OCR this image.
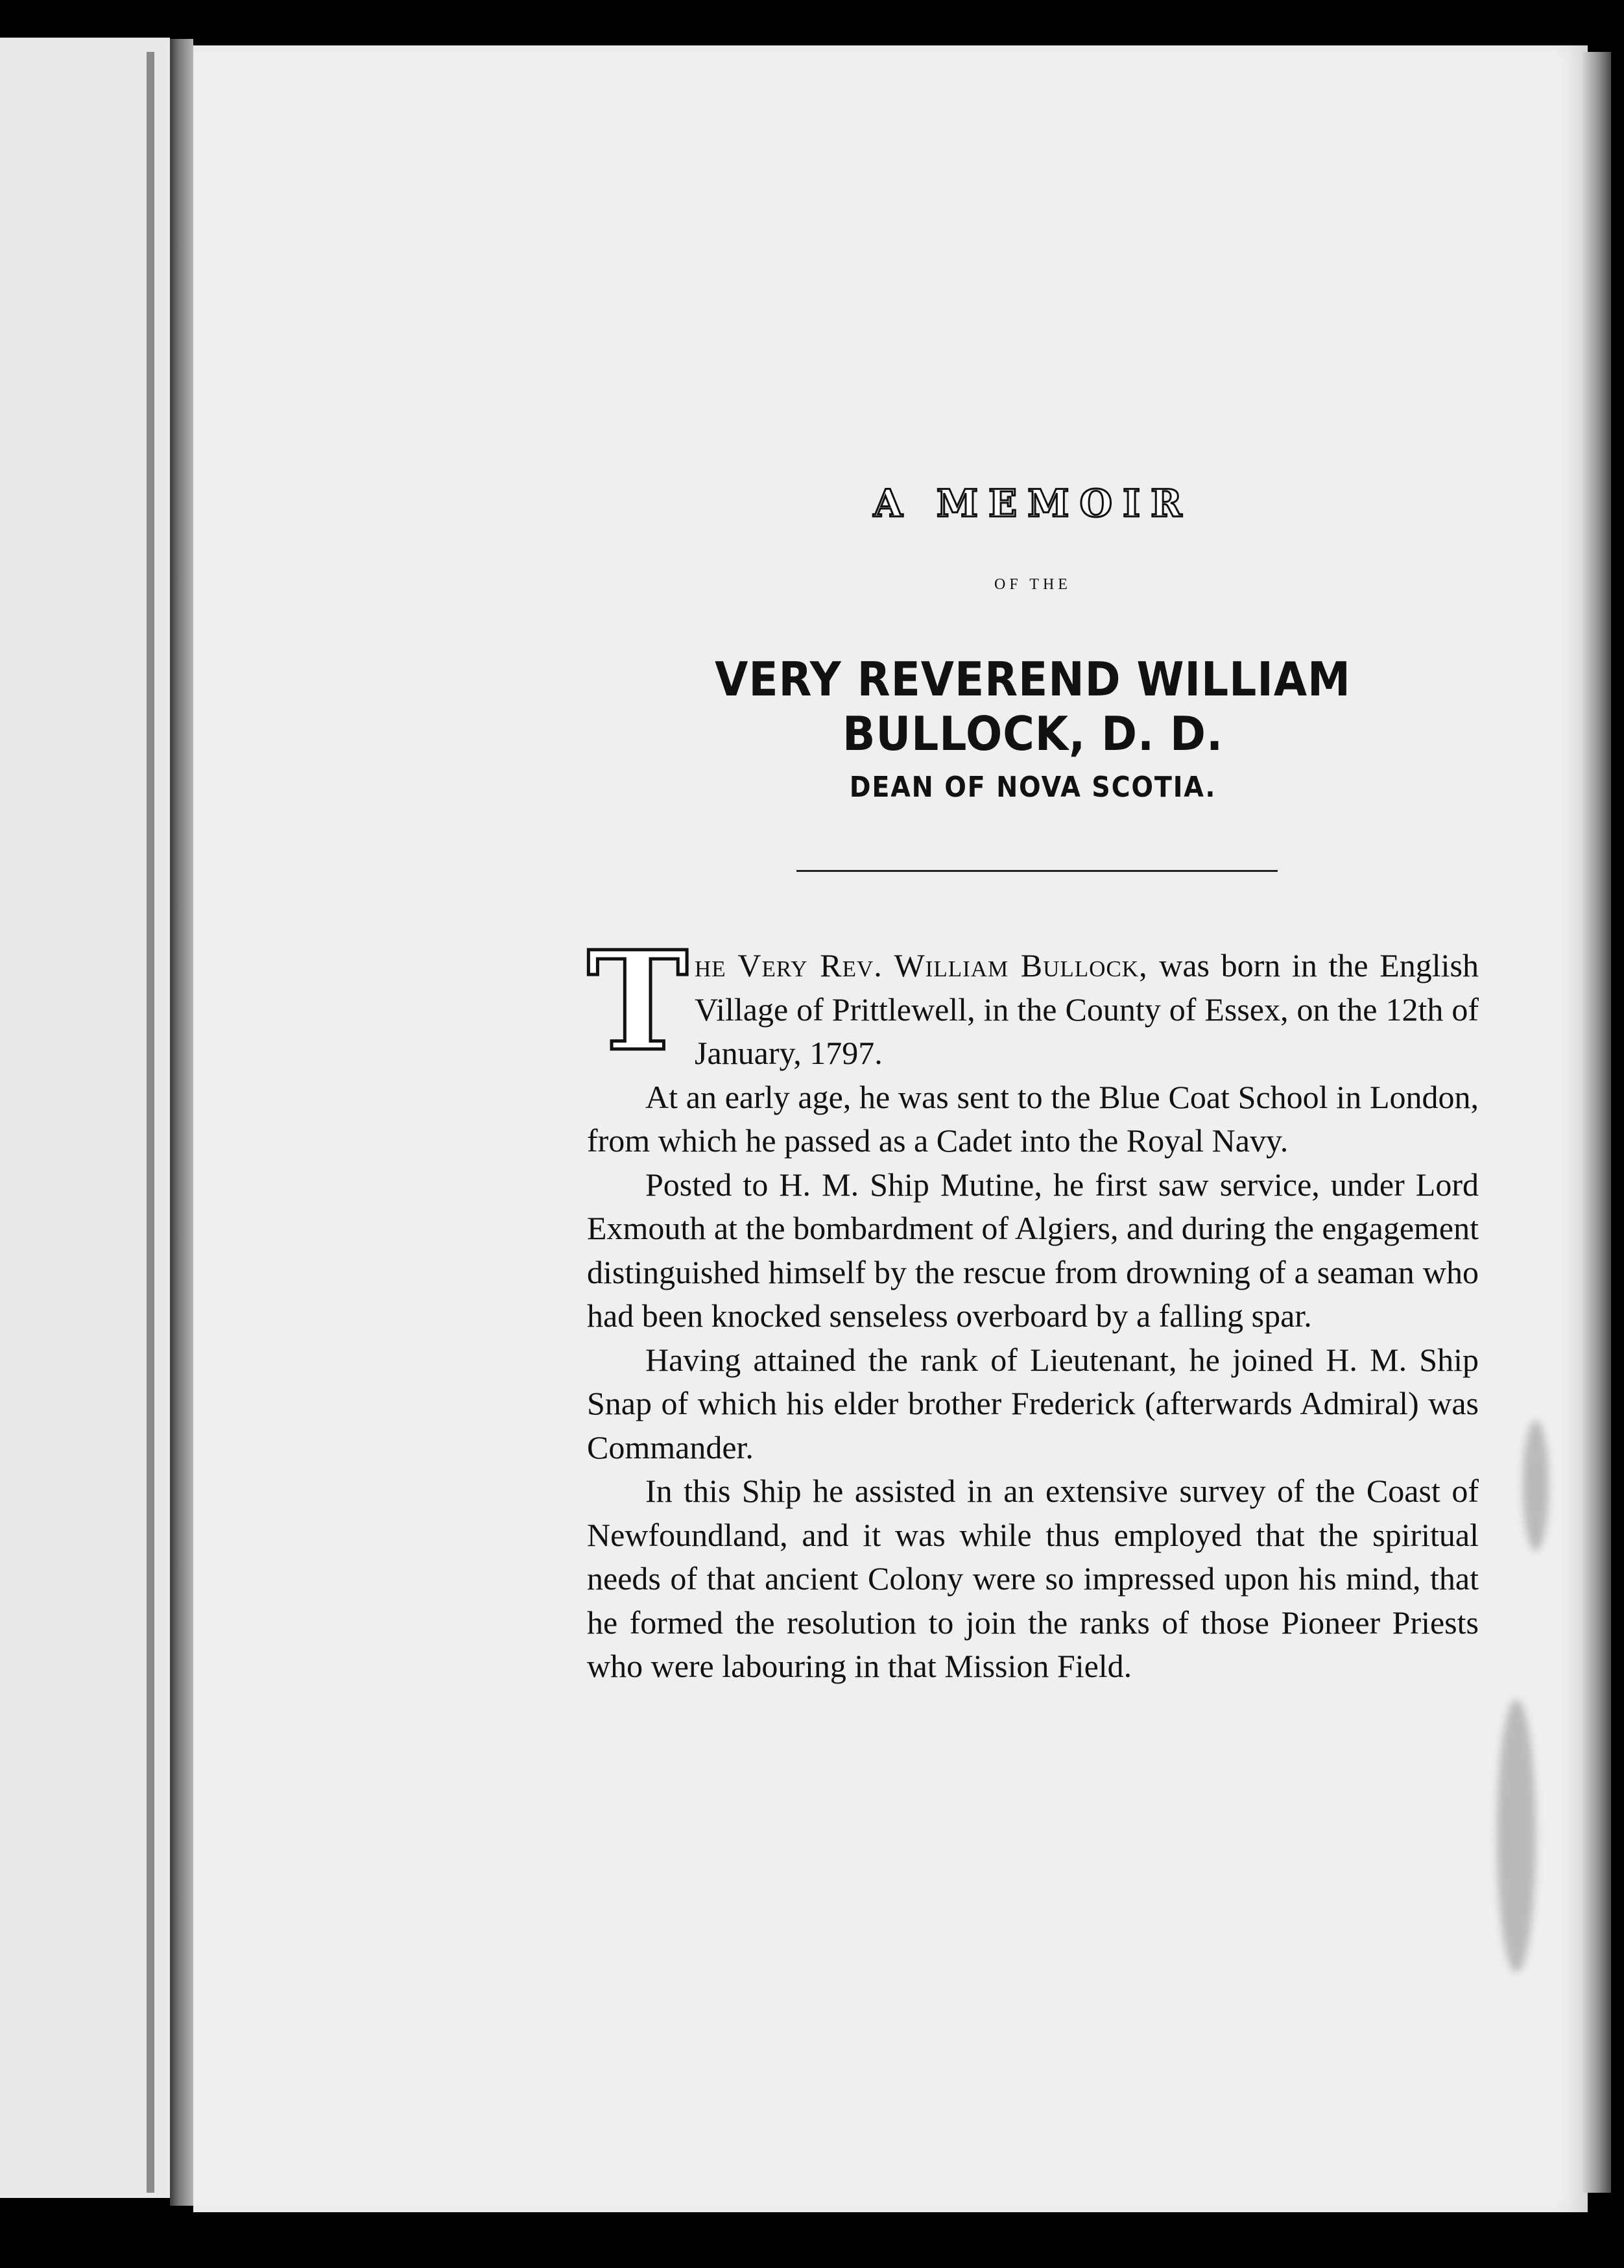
A MEMOIR
OF THE
VERY REVEREND WILLIAM BULLOCK, D. D.
DEAN OF NOVA SCOTIA.
T he Very Rev. William Bullock, was born in the English Village of Prittlewell, in the County of Essex, on the 12th of January, 1797.

At an early age, he was sent to the Blue Coat School in London, from which he passed as a Cadet into the Royal Navy.

Posted to H. M. Ship Mutine, he first saw service, under Lord Exmouth at the bombardment of Algiers, and during the engagement distinguished himself by the rescue from drowning of a seaman who had been knocked senseless overboard by a falling spar.

Having attained the rank of Lieutenant, he joined H. M. Ship Snap of which his elder brother Frederick (afterwards Admiral) was Commander.

In this Ship he assisted in an extensive survey of the Coast of Newfoundland, and it was while thus employed that the spiritual needs of that ancient Colony were so impressed upon his mind, that he formed the resolution to join the ranks of those Pioneer Priests who were labouring in that Mission Field.
